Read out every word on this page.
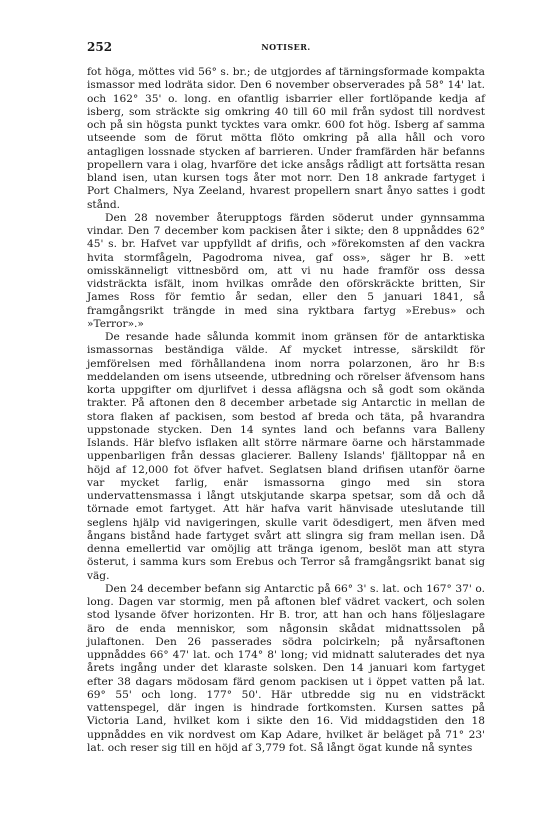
252	NOTISER.

fot höga, möttes vid 56° s. br.; de utgjordes af tärningsformade kompakta ismassor med lodräta sidor. Den 6 november observerades på 58° 14' lat. och 162° 35' o. long. en ofantlig isbarrier eller fortlöpande kedja af isberg, som sträckte sig omkring 40 till 60 mil från sydost till nordvest och på sin högsta punkt tycktes vara omkr. 600 fot hög. Isberg af samma utseende som de förut mötta flöto omkring på alla håll och voro antagligen lossnade stycken af barrieren. Under framfärden här befanns propellern vara i olag, hvarföre det icke ansågs rådligt att fortsätta resan bland isen, utan kursen togs åter mot norr. Den 18 ankrade fartyget i Port Chalmers, Nya Zeeland, hvarest propellern snart ånyo sattes i godt stånd.

Den 28 november återupptogs färden söderut under gynnsamma vindar. Den 7 december kom packisen åter i sikte; den 8 uppnåddes 62° 45' s. br. Hafvet var uppfylldt af drifis, och »förekomsten af den vackra hvita stormfågeln, Pagodroma nivea, gaf oss», säger hr B. »ett omisskänneligt vittnesbörd om, att vi nu hade framför oss dessa vidsträckta isfält, inom hvilkas område den oförskräckte britten, Sir James Ross för femtio år sedan, eller den 5 januari 1841, så framgångsrikt trängde in med sina ryktbara fartyg »Erebus» och »Terror».»

De resande hade sålunda kommit inom gränsen för de antarktiska ismassornas beständiga välde. Af mycket intresse, särskildt för jemförelsen med förhållandena inom norra polarzonen, äro hr B:s meddelanden om isens utseende, utbredning och rörelser äfvensom hans korta uppgifter om djurlifvet i dessa aflägsna och så godt som okända trakter. På aftonen den 8 december arbetade sig Antarctic in mellan de stora flaken af packisen, som bestod af breda och täta, på hvarandra uppstonade stycken. Den 14 syntes land och befanns vara Balleny Islands. Här blefvo isflaken allt större närmare öarne och härstammade uppenbarligen från dessas glacierer. Balleny Islands' fjälltoppar nå en höjd af 12,000 fot öfver hafvet. Seglatsen bland drifisen utanför öarne var mycket farlig, enär ismassorna gingo med sin stora undervattensmassa i långt utskjutande skarpa spetsar, som då och då törnade emot fartyget. Att här hafva varit hänvisade uteslutande till seglens hjälp vid navigeringen, skulle varit ödesdigert, men äfven med ångans bistånd hade fartyget svårt att slingra sig fram mellan isen. Då denna emellertid var omöjlig att tränga igenom, beslöt man att styra österut, i samma kurs som Erebus och Terror så framgångsrikt banat sig väg.

Den 24 december befann sig Antarctic på 66° 3' s. lat. och 167° 37' o. long. Dagen var stormig, men på aftonen blef vädret vackert, och solen stod lysande öfver horizonten. Hr B. tror, att han och hans följeslagare äro de enda menniskor, som någonsin skådat midnattssolen på julaftonen. Den 26 passerades södra polcirkeln; på nyårsaftonen uppnåddes 66° 47' lat. och 174° 8' long; vid midnatt saluterades det nya årets ingång under det klaraste solsken. Den 14 januari kom fartyget efter 38 dagars mödosam färd genom packisen ut i öppet vatten på lat. 69° 55' och long. 177° 50'. Här utbredde sig nu en vidsträckt vattenspegel, där ingen is hindrade fortkomsten. Kursen sattes på Victoria Land, hvilket kom i sikte den 16. Vid middagstiden den 18 uppnåddes en vik nordvest om Kap Adare, hvilket är beläget på 71° 23' lat. och reser sig till en höjd af 3,779 fot. Så långt ögat kunde nå syntes
